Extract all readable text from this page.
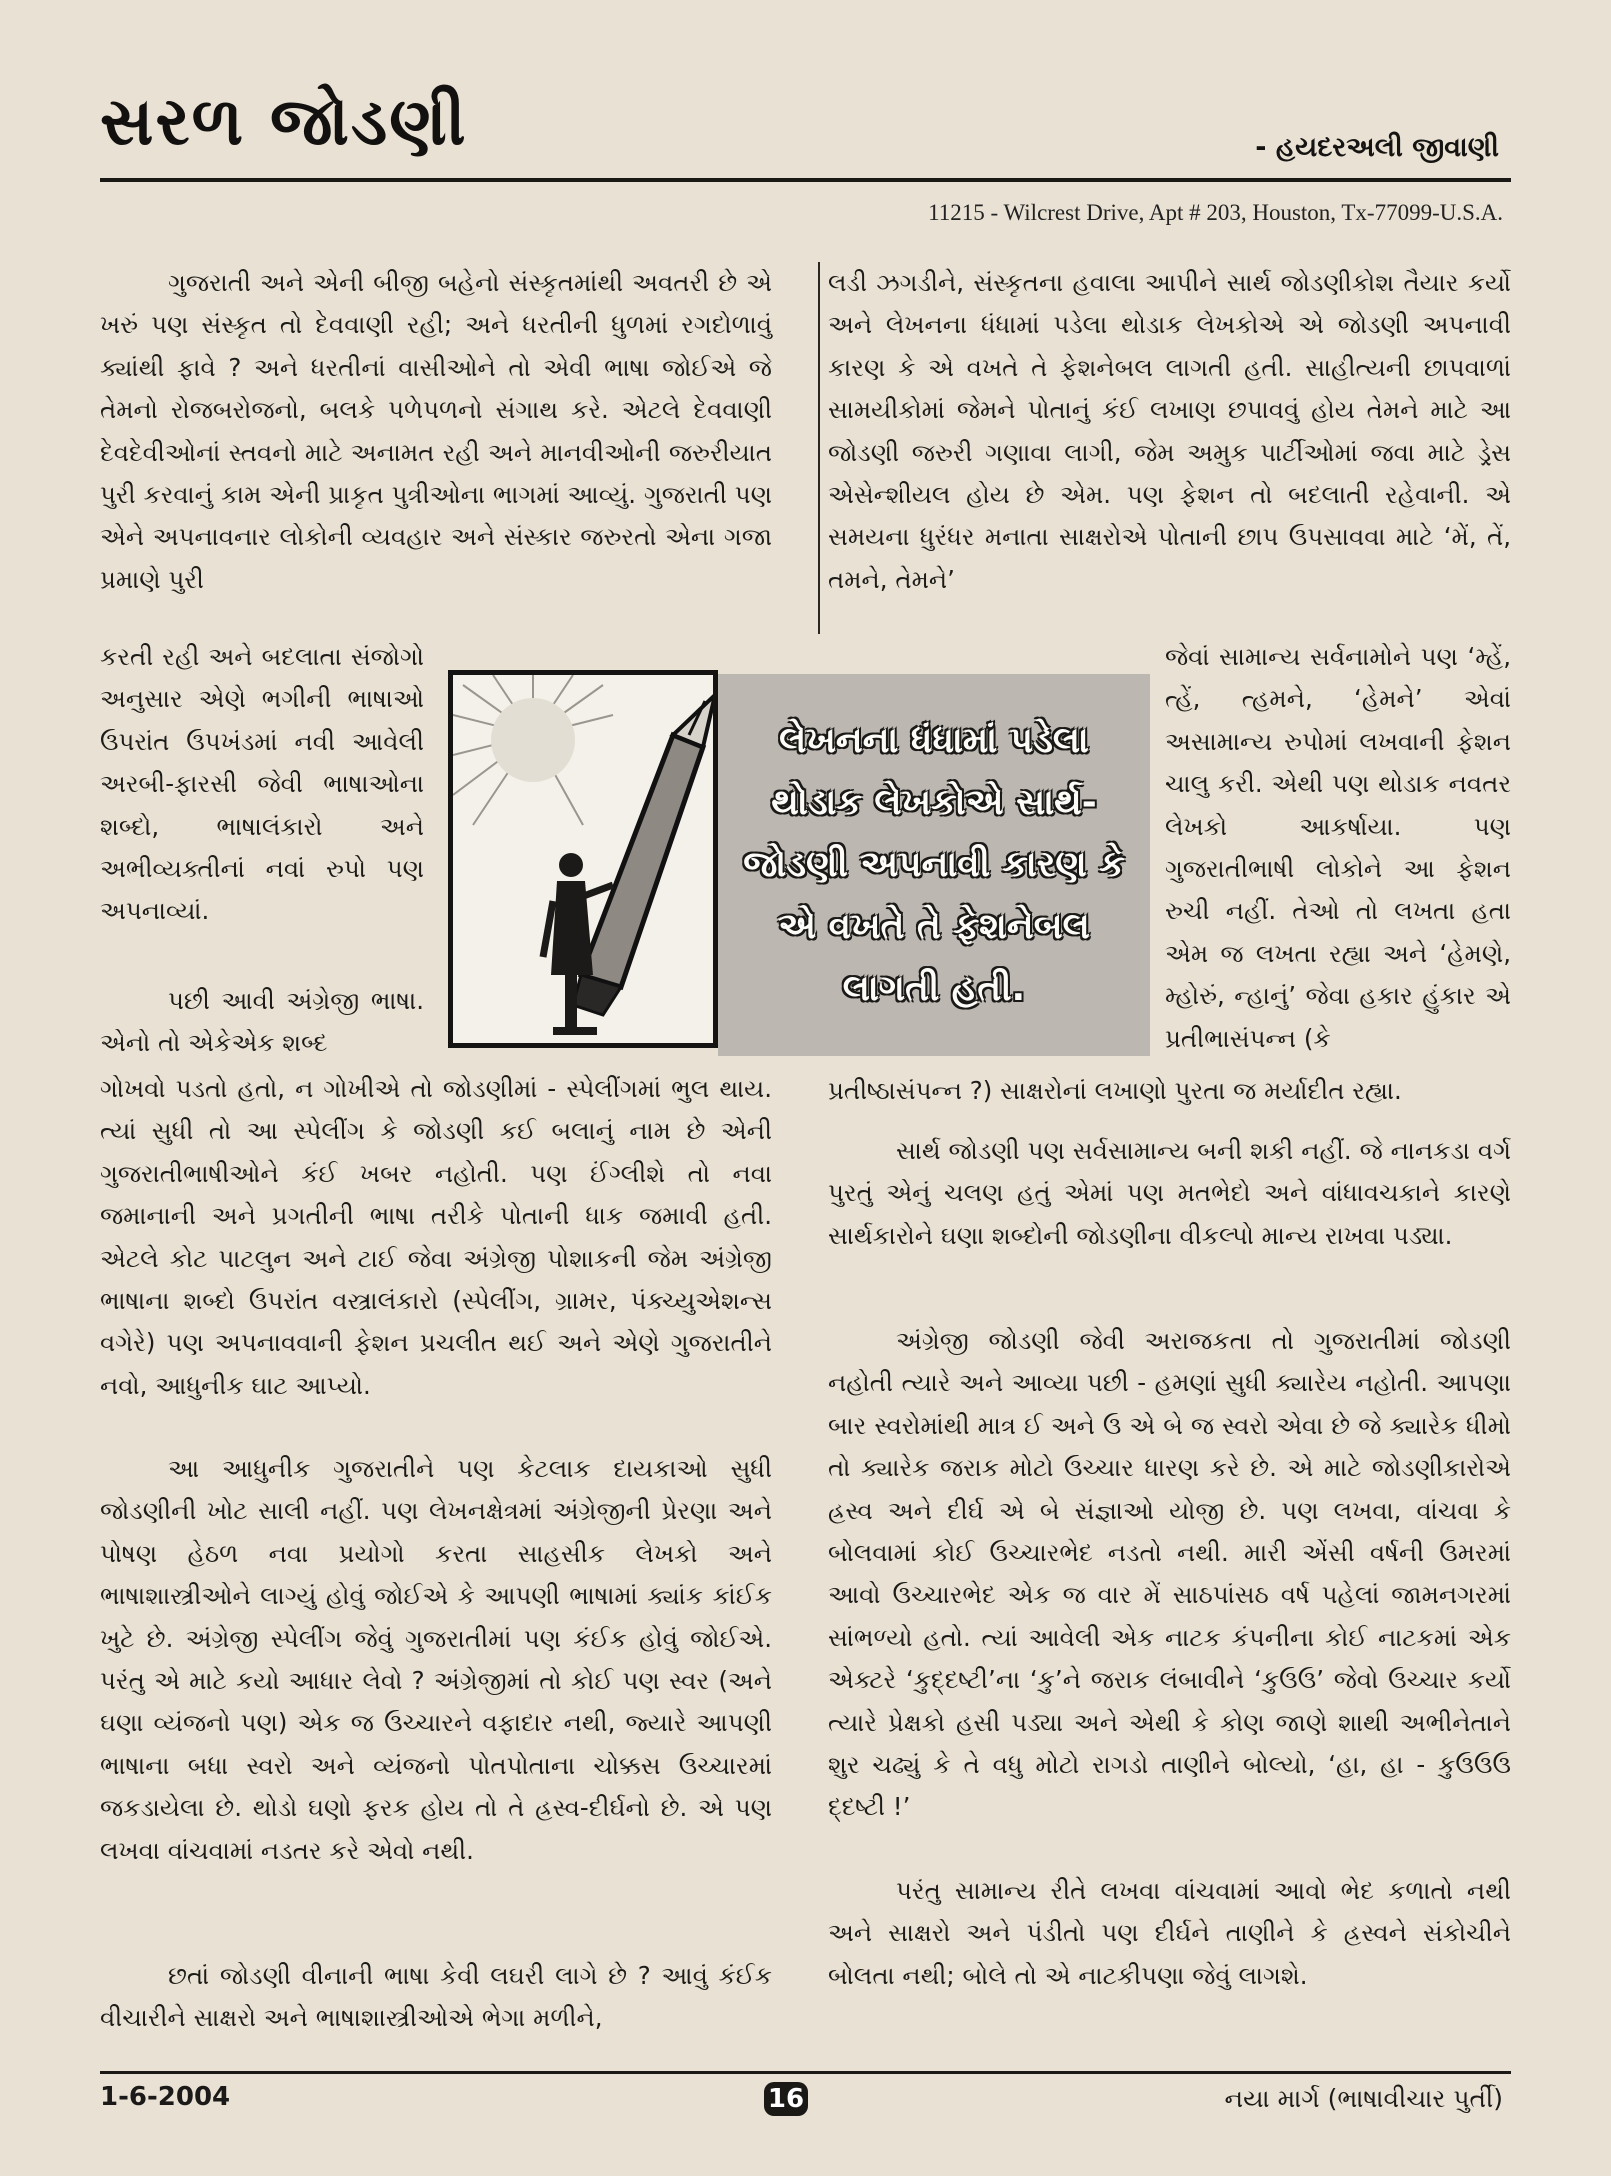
સરળ જોડણી	- હયદરઅલી જીવાણી
11215 - Wilcrest Drive, Apt # 203, Houston, Tx-77099-U.S.A.

ગુજરાતી અને એની બીજી બહેનો સંસ્કૃતમાંથી અવતરી છે એ ખરું પણ સંસ્કૃત તો દેવવાણી રહી; અને ધરતીની ધુળમાં રગદોળાવું ક્યાંથી ફાવે ? અને ધરતીનાં વાસીઓને તો એવી ભાષા જોઈએ જે તેમનો રોજબરોજનો, બલકે પળેપળનો સંગાથ કરે. એટલે દેવવાણી દેવદેવીઓનાં સ્તવનો માટે અનામત રહી અને માનવીઓની જરુરીયાત પુરી કરવાનું કામ એની પ્રાકૃત પુત્રીઓના ભાગમાં આવ્યું. ગુજરાતી પણ એને અપનાવનાર લોકોની વ્યવહાર અને સંસ્કાર જરુરતો એના ગજા પ્રમાણે પુરી

કરતી રહી અને બદલાતા સંજોગો અનુસાર એણે ભગીની ભાષાઓ ઉપરાંત ઉપખંડમાં નવી આવેલી અરબી-ફારસી જેવી ભાષાઓના શબ્દો, ભાષાલંકારો અને અભીવ્યક્તીનાં નવાં રુપો પણ અપનાવ્યાં.

પછી આવી અંગ્રેજી ભાષા. એનો તો એકેએક શબ્દ

ગોખવો પડતો હતો, ન ગોખીએ તો જોડણીમાં - સ્પેલીંગમાં ભુલ થાય. ત્યાં સુધી તો આ સ્પેલીંગ કે જોડણી કઈ બલાનું નામ છે એની ગુજરાતીભાષીઓને કંઈ ખબર નહોતી. પણ ઈંગ્લીશે તો નવા જમાનાની અને પ્રગતીની ભાષા તરીકે પોતાની ધાક જમાવી હતી. એટલે કોટ પાટલુન અને ટાઈ જેવા અંગ્રેજી પોશાકની જેમ અંગ્રેજી ભાષાના શબ્દો ઉપરાંત વસ્ત્રાલંકારો (સ્પેલીંગ, ગ્રામર, પંક્ચ્યુએશન્સ વગેરે) પણ અપનાવવાની ફેશન પ્રચલીત થઈ અને એણે ગુજરાતીને નવો, આધુનીક ઘાટ આપ્યો.

આ આધુનીક ગુજરાતીને પણ કેટલાક દાયકાઓ સુધી જોડણીની ખોટ સાલી નહીં. પણ લેખનક્ષેત્રમાં અંગ્રેજીની પ્રેરણા અને પોષણ હેઠળ નવા પ્રયોગો કરતા સાહસીક લેખકો અને ભાષાશાસ્ત્રીઓને લાગ્યું હોવું જોઈએ કે આપણી ભાષામાં ક્યાંક કાંઈક ખુટે છે. અંગ્રેજી સ્પેલીંગ જેવું ગુજરાતીમાં પણ કંઈક હોવું જોઈએ. પરંતુ એ માટે કયો આધાર લેવો ? અંગ્રેજીમાં તો કોઈ પણ સ્વર (અને ઘણા વ્યંજનો પણ) એક જ ઉચ્ચારને વફાદાર નથી, જ્યારે આપણી ભાષાના બધા સ્વરો અને વ્યંજનો પોતપોતાના ચોક્કસ ઉચ્ચારમાં જકડાયેલા છે. થોડો ઘણો ફરક હોય તો તે હ્રસ્વ-દીર્ઘનો છે. એ પણ લખવા વાંચવામાં નડતર કરે એવો નથી.

છતાં જોડણી વીનાની ભાષા કેવી લઘરી લાગે છે ? આવું કંઈક વીચારીને સાક્ષરો અને ભાષાશાસ્ત્રીઓએ ભેગા મળીને,

લેખનના ધંધામાં પડેલા થોડાક લેખકોએ સાર્થ-જોડણી અપનાવી કારણ કે એ વખતે તે ફેશનેબલ લાગતી હતી.

લડી ઝગડીને, સંસ્કૃતના હવાલા આપીને સાર્થ જોડણીકોશ તૈયાર કર્યો અને લેખનના ધંધામાં પડેલા થોડાક લેખકોએ એ જોડણી અપનાવી કારણ કે એ વખતે તે ફેશનેબલ લાગતી હતી. સાહીત્યની છાપવાળાં સામયીકોમાં જેમને પોતાનું કંઈ લખાણ છપાવવું હોય તેમને માટે આ જોડણી જરુરી ગણાવા લાગી, જેમ અમુક પાર્ટીઓમાં જવા માટે ડ્રેસ એસેન્શીયલ હોય છે એમ. પણ ફેશન તો બદલાતી રહેવાની. એ સમયના ધુરંધર મનાતા સાક્ષરોએ પોતાની છાપ ઉપસાવવા માટે ‘મેં, તેં, તમને, તેમને’

જેવાં સામાન્ય સર્વનામોને પણ ‘મ્હેં, ત્હેં, ત્હમને, ‘હેમને’ એવાં અસામાન્ય રુપોમાં લખવાની ફેશન ચાલુ કરી. એથી પણ થોડાક નવતર લેખકો આકર્ષાયા. પણ ગુજરાતીભાષી લોકોને આ ફેશન રુચી નહીં. તેઓ તો લખતા હતા એમ જ લખતા રહ્યા અને ‘હેમણે, મ્હોરું, ન્હાનું’ જેવા હકાર હુંકાર એ પ્રતીભાસંપન્ન (કે

પ્રતીષ્ઠાસંપન્ન ?) સાક્ષરોનાં લખાણો પુરતા જ મર્યાદીત રહ્યા.

સાર્થ જોડણી પણ સર્વસામાન્ય બની શકી નહીં. જે નાનકડા વર્ગ પુરતું એનું ચલણ હતું એમાં પણ મતભેદો અને વાંધાવચકાને કારણે સાર્થકારોને ઘણા શબ્દોની જોડણીના વીકલ્પો માન્ય રાખવા પડ્યા.

અંગ્રેજી જોડણી જેવી અરાજકતા તો ગુજરાતીમાં જોડણી નહોતી ત્યારે અને આવ્યા પછી - હમણાં સુધી ક્યારેય નહોતી. આપણા બાર સ્વરોમાંથી માત્ર ઈ અને ઉ એ બે જ સ્વરો એવા છે જે ક્યારેક ધીમો તો ક્યારેક જરાક મોટો ઉચ્ચાર ધારણ કરે છે. એ માટે જોડણીકારોએ હ્રસ્વ અને દીર્ઘ એ બે સંજ્ઞાઓ યોજી છે. પણ લખવા, વાંચવા કે બોલવામાં કોઈ ઉચ્ચારભેદ નડતો નથી. મારી એંસી વર્ષની ઉમરમાં આવો ઉચ્ચારભેદ એક જ વાર મેં સાઠપાંસઠ વર્ષ પહેલાં જામનગરમાં સાંભળ્યો હતો. ત્યાં આવેલી એક નાટક કંપનીના કોઈ નાટકમાં એક એક્ટરે ‘કુદ્દષ્ટી’ના ‘કુ’ને જરાક લંબાવીને ‘કુઉઉ’ જેવો ઉચ્ચાર કર્યો ત્યારે પ્રેક્ષકો હસી પડ્યા અને એથી કે કોણ જાણે શાથી અભીનેતાને શુર ચઢ્યું કે તે વધુ મોટો રાગડો તાણીને બોલ્યો, ‘હા, હા - કુઉઉઉ દ્દષ્ટી !’

પરંતુ સામાન્ય રીતે લખવા વાંચવામાં આવો ભેદ કળાતો નથી અને સાક્ષરો અને પંડીતો પણ દીર્ઘને તાણીને કે હ્રસ્વને સંકોચીને બોલતા નથી; બોલે તો એ નાટકીપણા જેવું લાગશે.

1-6-2004	16	નયા માર્ગ (ભાષાવીચાર પુર્તી)
